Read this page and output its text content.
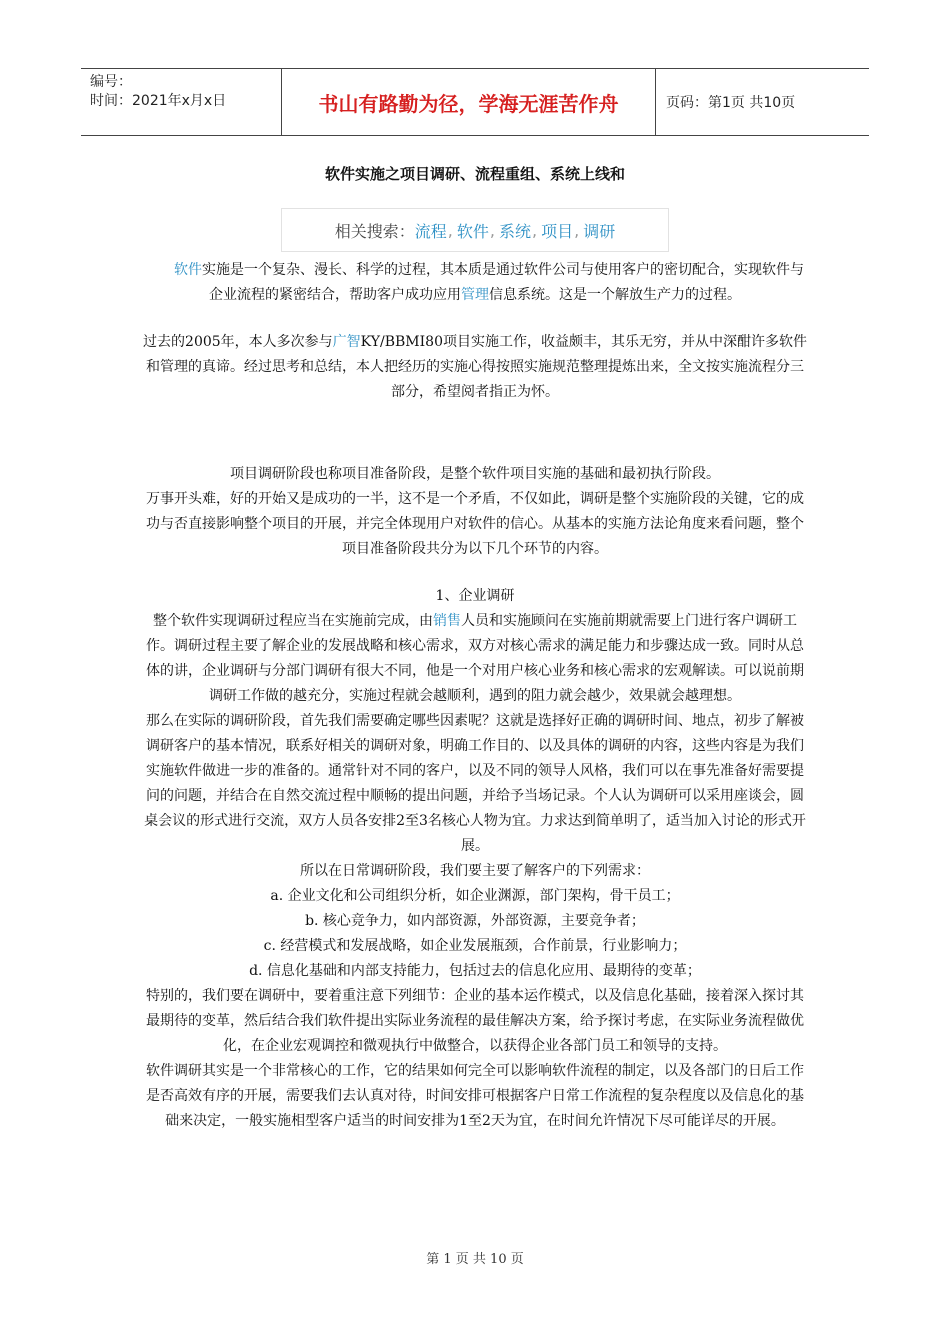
编号：
时间：2021年x月x日	书山有路勤为径，学海无涯苦作舟	页码：第1页 共10页
软件实施之项目调研、流程重组、系统上线和
相关搜索： 流程 , 软件 , 系统 , 项目 , 调研

  软件实施是一个复杂、漫长、科学的过程，其本质是通过软件公司与使用客户的密切配合，实现软件与企业流程的紧密结合，帮助客户成功应用管理信息系统。这是一个解放生产力的过程。

过去的2005年，本人多次参与广智KY/BBMI80项目实施工作，收益颇丰，其乐无穷，并从中深酣许多软件和管理的真谛。经过思考和总结，本人把经历的实施心得按照实施规范整理提炼出来，全文按实施流程分三部分，希望阅者指正为怀。

项目调研阶段也称项目准备阶段，是整个软件项目实施的基础和最初执行阶段。

万事开头难，好的开始又是成功的一半，这不是一个矛盾，不仅如此，调研是整个实施阶段的关键，它的成功与否直接影响整个项目的开展，并完全体现用户对软件的信心。从基本的实施方法论角度来看问题，整个项目准备阶段共分为以下几个环节的内容。

1、企业调研

整个软件实现调研过程应当在实施前完成，由销售人员和实施顾问在实施前期就需要上门进行客户调研工作。调研过程主要了解企业的发展战略和核心需求，双方对核心需求的满足能力和步骤达成一致。同时从总体的讲，企业调研与分部门调研有很大不同，他是一个对用户核心业务和核心需求的宏观解读。可以说前期调研工作做的越充分，实施过程就会越顺利，遇到的阻力就会越少，效果就会越理想。

那么在实际的调研阶段，首先我们需要确定哪些因素呢？这就是选择好正确的调研时间、地点，初步了解被调研客户的基本情况，联系好相关的调研对象，明确工作目的、以及具体的调研的内容，这些内容是为我们实施软件做进一步的准备的。通常针对不同的客户，以及不同的领导人风格，我们可以在事先准备好需要提问的问题，并结合在自然交流过程中顺畅的提出问题，并给予当场记录。个人认为调研可以采用座谈会，圆桌会议的形式进行交流，双方人员各安排2至3名核心人物为宜。力求达到简单明了，适当加入讨论的形式开展。

所以在日常调研阶段，我们要主要了解客户的下列需求：

a. 企业文化和公司组织分析，如企业渊源，部门架构，骨干员工；

b. 核心竞争力，如内部资源，外部资源，主要竞争者；

c. 经营模式和发展战略，如企业发展瓶颈，合作前景，行业影响力；

d. 信息化基础和内部支持能力，包括过去的信息化应用、最期待的变革；

特别的，我们要在调研中，要着重注意下列细节：企业的基本运作模式，以及信息化基础，接着深入探讨其最期待的变革，然后结合我们软件提出实际业务流程的最佳解决方案，给予探讨考虑，在实际业务流程做优化，在企业宏观调控和微观执行中做整合，以获得企业各部门员工和领导的支持。

软件调研其实是一个非常核心的工作，它的结果如何完全可以影响软件流程的制定，以及各部门的日后工作是否高效有序的开展，需要我们去认真对待，时间安排可根据客户日常工作流程的复杂程度以及信息化的基础来决定，一般实施相型客户适当的时间安排为1至2天为宜，在时间允许情况下尽可能详尽的开展。

第 1 页 共 10 页
